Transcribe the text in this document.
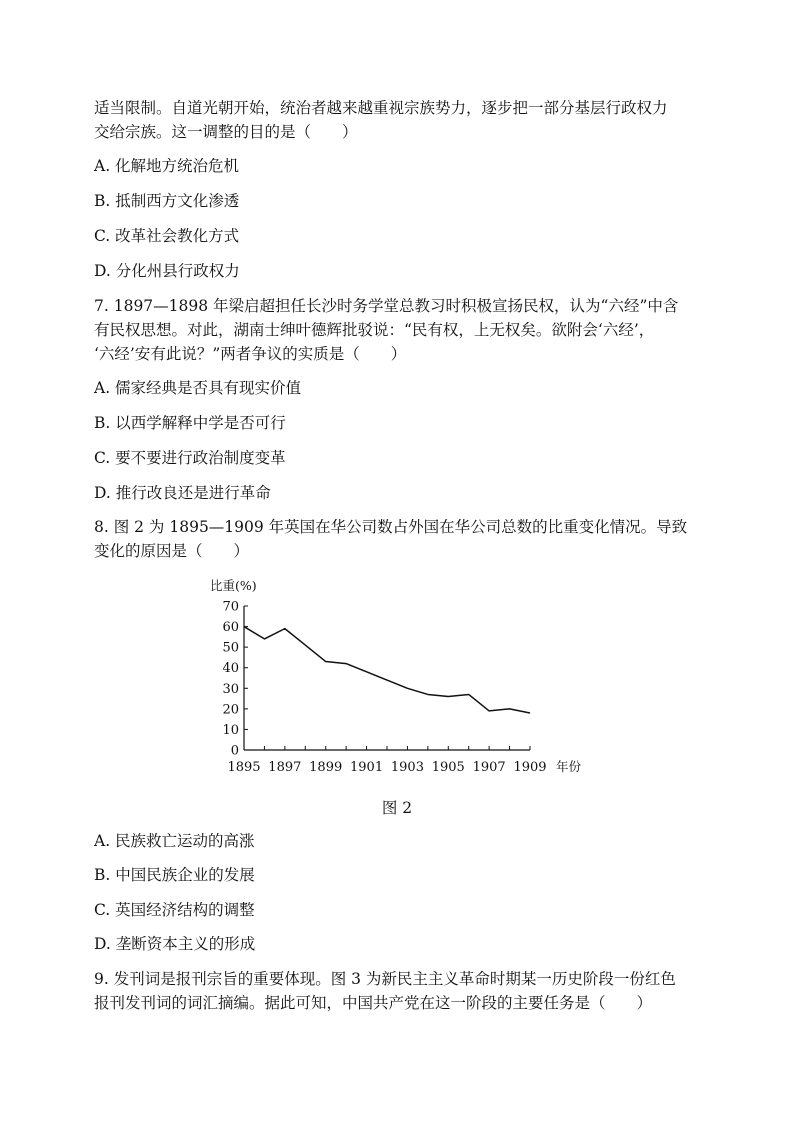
适当限制。自道光朝开始，统治者越来越重视宗族势力，逐步把一部分基层行政权力
交给宗族。这一调整的目的是（　　）
A. 化解地方统治危机
B. 抵制西方文化渗透
C. 改革社会教化方式
D. 分化州县行政权力
7. 1897—1898 年梁启超担任长沙时务学堂总教习时积极宣扬民权，认为“六经”中含
有民权思想。对此，湖南士绅叶德辉批驳说：“民有权，上无权矣。欲附会‘六经’，
‘六经’安有此说？”两者争议的实质是（　　）
A. 儒家经典是否具有现实价值
B. 以西学解释中学是否可行
C. 要不要进行政治制度变革
D. 推行改良还是进行革命
8. 图 2 为 1895—1909 年英国在华公司数占外国在华公司总数的比重变化情况。导致
变化的原因是（　　）
0
10
20
30
40
50
60
70
1895 1897 1899 1901 1903 1905 1907 1909
比重(%)
年份
图 2
A. 民族救亡运动的高涨
B. 中国民族企业的发展
C. 英国经济结构的调整
D. 垄断资本主义的形成
9. 发刊词是报刊宗旨的重要体现。图 3 为新民主主义革命时期某一历史阶段一份红色
报刊发刊词的词汇摘编。据此可知，中国共产党在这一阶段的主要任务是（　　）
